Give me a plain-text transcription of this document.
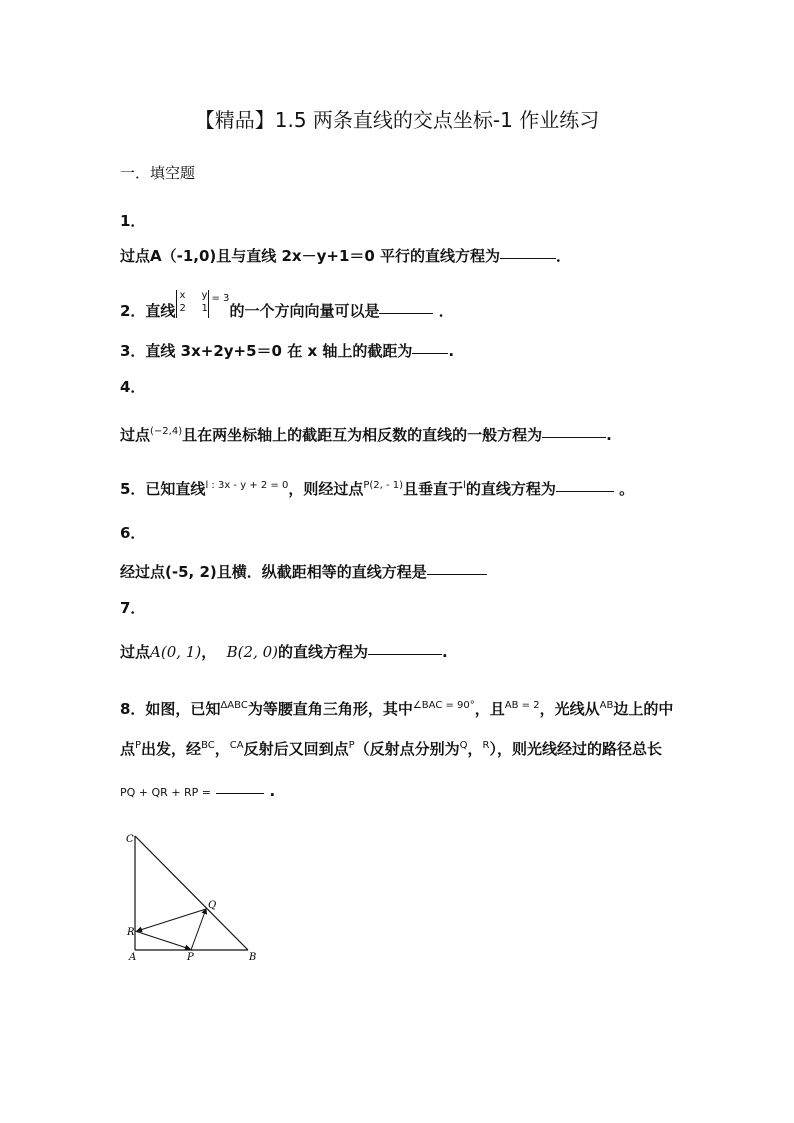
【精品】1.5 两条直线的交点坐标-1 作业练习
一．填空题
1．
过点A（-1,0)且与直线 2x－y+1＝0 平行的直线方程为	．
2．直线
x y
2 1
= 3
的一个方向向量可以是	．
3．直线 3x+2y+5＝0 在 x 轴上的截距为 .
4．
过点$^{(-2,4)}$且在两坐标轴上的截距互为相反数的直线的一般方程为	.
5．已知直线$^{l : 3x - y + 2 = 0}$，则经过点$^{P(2, - 1)}$且垂直于$^l$的直线方程为	。
6．
经过点(-5, 2)且横．纵截距相等的直线方程是
7．
过点A(0, 1)， B(2, 0)的直线方程为	.
8．如图，已知$^{\Delta ABC}$为等腰直角三角形，其中$^{\angle BAC = 90^\circ}$，且$^{AB = 2}$，光线从$^{AB}$边上的中
点$^P$出发，经$^{BC}$，$^{CA}$反射后又回到点$^P$（反射点分别为$^Q$，$^R$），则光线经过的路径总长
PQ + QR + RP =	.
C
Q
R
A	P	B
